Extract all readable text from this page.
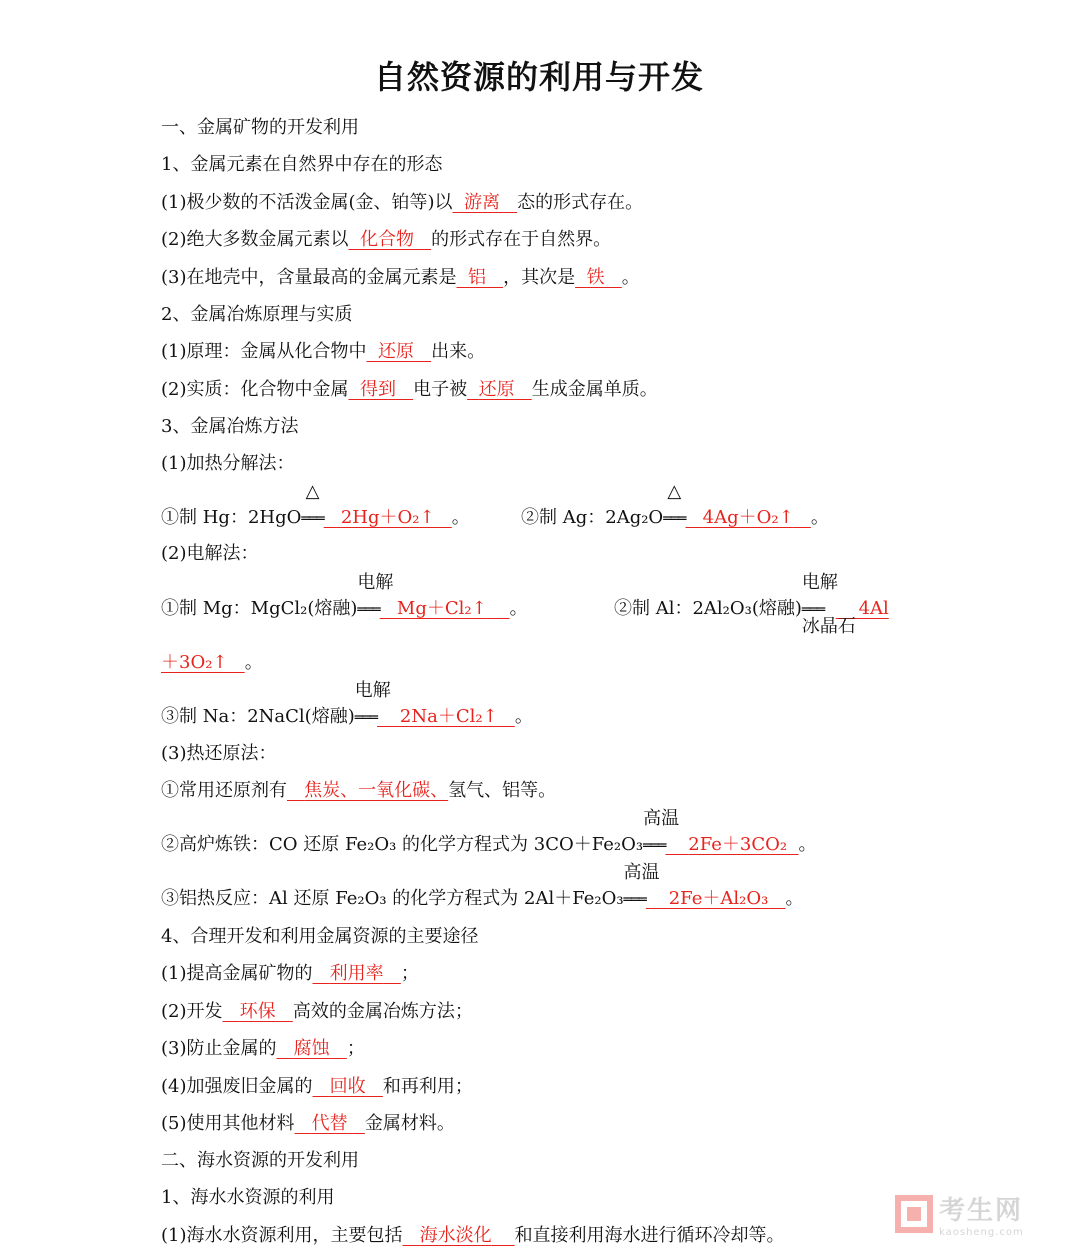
自然资源的利用与开发
一、金属矿物的开发利用
1、金属元素在自然界中存在的形态
(1)极少数的不活泼金属(金、铂等)以 游离 态的形式存在。
(2)绝大多数金属元素以 化合物 的形式存在于自然界。
(3)在地壳中，含量最高的金属元素是 铝 ，其次是 铁 。
2、金属冶炼原理与实质
(1)原理：金属从化合物中 还原 出来。
(2)实质：化合物中金属 得到 电子被 还原 生成金属单质。
3、金属冶炼方法
(1)加热分解法：
①制 Hg：2HgO
△
═══ 2Hg＋O₂↑ 。	②制 Ag：2Ag₂O
△
═══ 4Ag＋O₂↑ 。
(2)电解法：
①制 Mg：MgCl₂(熔融)
电解
═══ Mg＋Cl₂↑ 。	②制 Al：2Al₂O₃(熔融)
电解
═══
冰晶石
4Al
＋3O₂↑ 。
③制 Na：2NaCl(熔融)
电解
═══ 2Na＋Cl₂↑ 。
(3)热还原法：
①常用还原剂有 焦炭、一氧化碳、氢气、铝等。
②高炉炼铁：CO 还原 Fe₂O₃ 的化学方程式为 3CO＋Fe₂O₃
高温
═══ 2Fe＋3CO₂ 。
③铝热反应：Al 还原 Fe₂O₃ 的化学方程式为 2Al＋Fe₂O₃
高温
═══ 2Fe＋Al₂O₃ 。
4、合理开发和利用金属资源的主要途径
(1)提高金属矿物的 利用率 ；
(2)开发 环保 高效的金属冶炼方法；
(3)防止金属的 腐蚀 ；
(4)加强废旧金属的 回收 和再利用；
(5)使用其他材料 代替 金属材料。
二、海水资源的开发利用
1、海水水资源的利用
(1)海水水资源利用，主要包括 海水淡化 和直接利用海水进行循环冷却等。
考生网
kaosheng.com
